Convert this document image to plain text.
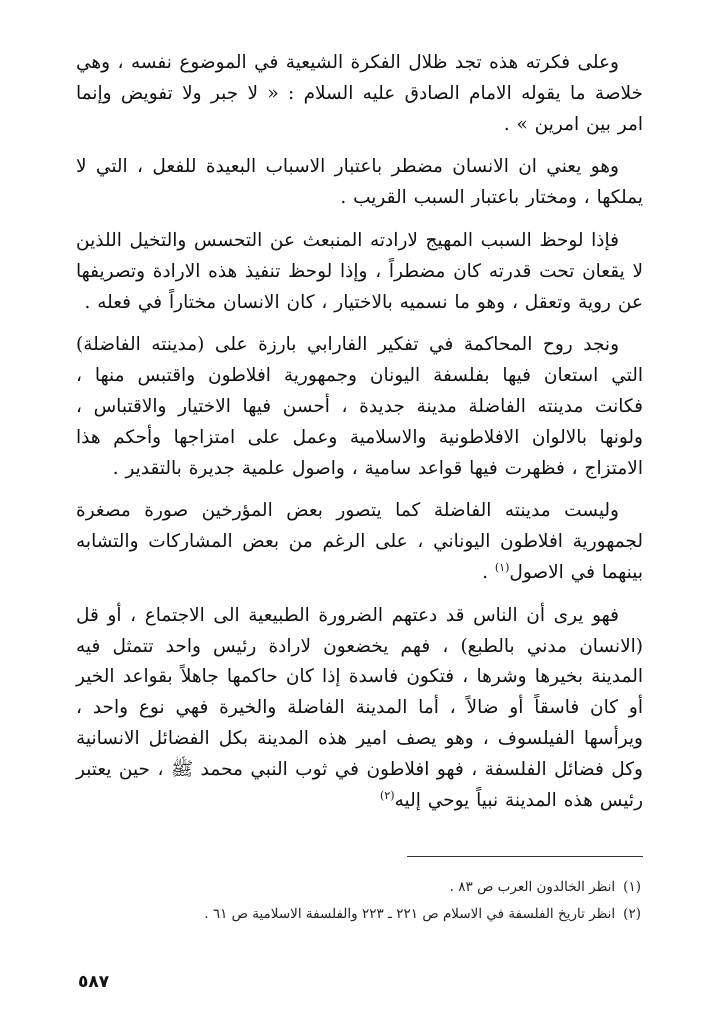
وعلى فكرته هذه تجد ظلال الفكرة الشيعية في الموضوع نفسه ، وهي خلاصة ما يقوله الامام الصادق عليه السلام : « لا جبر ولا تفويض وإنما امر بين امرين » .

وهو يعني ان الانسان مضطر باعتبار الاسباب البعيدة للفعل ، التي لا يملكها ، ومختار باعتبار السبب القريب .

فإذا لوحظ السبب المهيج لارادته المنبعث عن التحسس والتخيل اللذين لا يقعان تحت قدرته كان مضطراً ، وإذا لوحظ تنفيذ هذه الارادة وتصريفها عن روية وتعقل ، وهو ما نسميه بالاختيار ، كان الانسان مختاراً في فعله .

ونجد روح المحاكمة في تفكير الفارابي بارزة على (مدينته الفاضلة) التي استعان فيها بفلسفة اليونان وجمهورية افلاطون واقتبس منها ، فكانت مدينته الفاضلة مدينة جديدة ، أحسن فيها الاختيار والاقتباس ، ولونها بالالوان الافلاطونية والاسلامية وعمل على امتزاجها وأحكم هذا الامتزاج ، فظهرت فيها قواعد سامية ، واصول علمية جديرة بالتقدير .

وليست مدينته الفاضلة كما يتصور بعض المؤرخين صورة مصغرة لجمهورية افلاطون اليوناني ، على الرغم من بعض المشاركات والتشابه بينهما في الاصول$^{(١)}$ .

فهو يرى أن الناس قد دعتهم الضرورة الطبيعية الى الاجتماع ، أو قل (الانسان مدني بالطبع) ، فهم يخضعون لارادة رئيس واحد تتمثل فيه المدينة بخيرها وشرها ، فتكون فاسدة إذا كان حاكمها جاهلاً بقواعد الخير أو كان فاسقاً أو ضالاً ، أما المدينة الفاضلة والخيرة فهي نوع واحد ، ويرأسها الفيلسوف ، وهو يصف امير هذه المدينة بكل الفضائل الانسانية وكل فضائل الفلسفة ، فهو افلاطون في ثوب النبي محمد ﷺ ، حين يعتبر رئيس هذه المدينة نبياً يوحي إليه$^{(٢)}$

(١)انظر الخالدون العرب ص ٨٣ .

(٢)انظر تاريخ الفلسفة في الاسلام ص ٢٢١ ـ ٢٢٣ والفلسفة الاسلامية ص ٦١ .

٥٨٧
